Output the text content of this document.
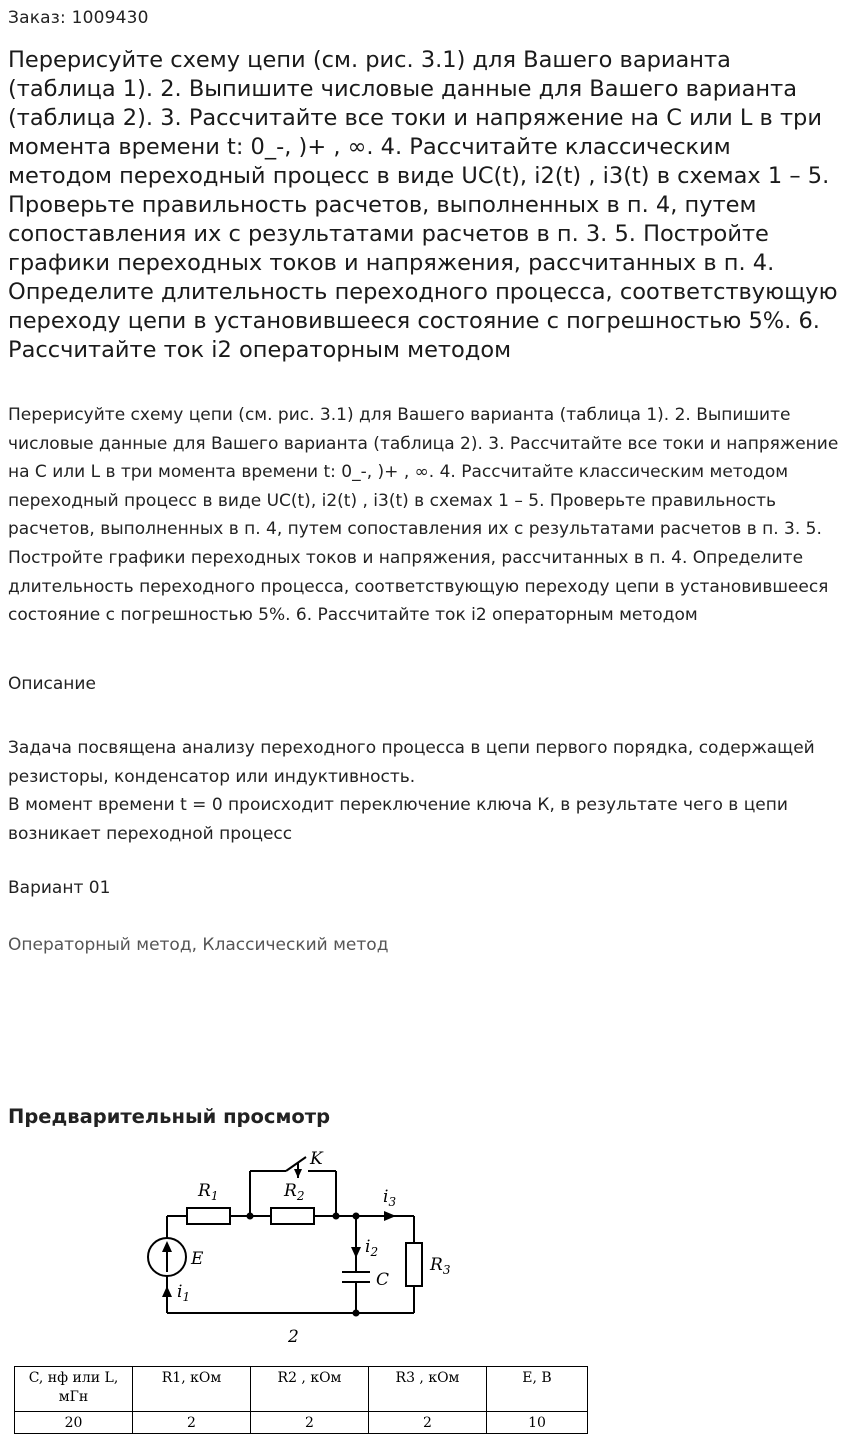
Заказ: 1009430
Перерисуйте схему цепи (см. рис. 3.1) для Вашего варианта (таблица 1). 2. Выпишите числовые данные для Вашего варианта (таблица 2). 3. Рассчитайте все токи и напряжение на С или L в три момента времени t: 0_-, )+ , ∞. 4. Рассчитайте классическим методом переходный процесс в виде UC(t), i2(t) , i3(t) в схемах 1 – 5. Проверьте правильность расчетов, выполненных в п. 4, путем сопоставления их с результатами расчетов в п. 3. 5. Постройте графики переходных токов и напряжения, рассчитанных в п. 4. Определите длительность переходного процесса, соответствующую переходу цепи в установившееся состояние с погрешностью 5%. 6. Рассчитайте ток i2 операторным методом

Перерисуйте схему цепи (см. рис. 3.1) для Вашего варианта (таблица 1). 2. Выпишите числовые данные для Вашего варианта (таблица 2). 3. Рассчитайте все токи и напряжение на С или L в три момента времени t: 0_-, )+ , ∞. 4. Рассчитайте классическим методом переходный процесс в виде UC(t), i2(t) , i3(t) в схемах 1 – 5. Проверьте правильность расчетов, выполненных в п. 4, путем сопоставления их с результатами расчетов в п. 3. 5. Постройте графики переходных токов и напряжения, рассчитанных в п. 4. Определите длительность переходного процесса, соответствующую переходу цепи в установившееся состояние с погрешностью 5%. 6. Рассчитайте ток i2 операторным методом

Описание
Задача посвящена анализу переходного процесса в цепи первого порядка, содержащей резисторы, конденсатор или индуктивность.
В момент времени t = 0 происходит переключение ключа К, в результате чего в цепи возникает переходной процесс
Вариант 01
Операторный метод, Классический метод
Предварительный просмотр
$R_1$	$R_2$
$R_3$
K
E
C
$i_1$
$i_2$
$i_3$
2
C, нф или L, мГн	R1, кОм	R2 , кОм	R3 , кОм	E, В
20	2	2	2	10
